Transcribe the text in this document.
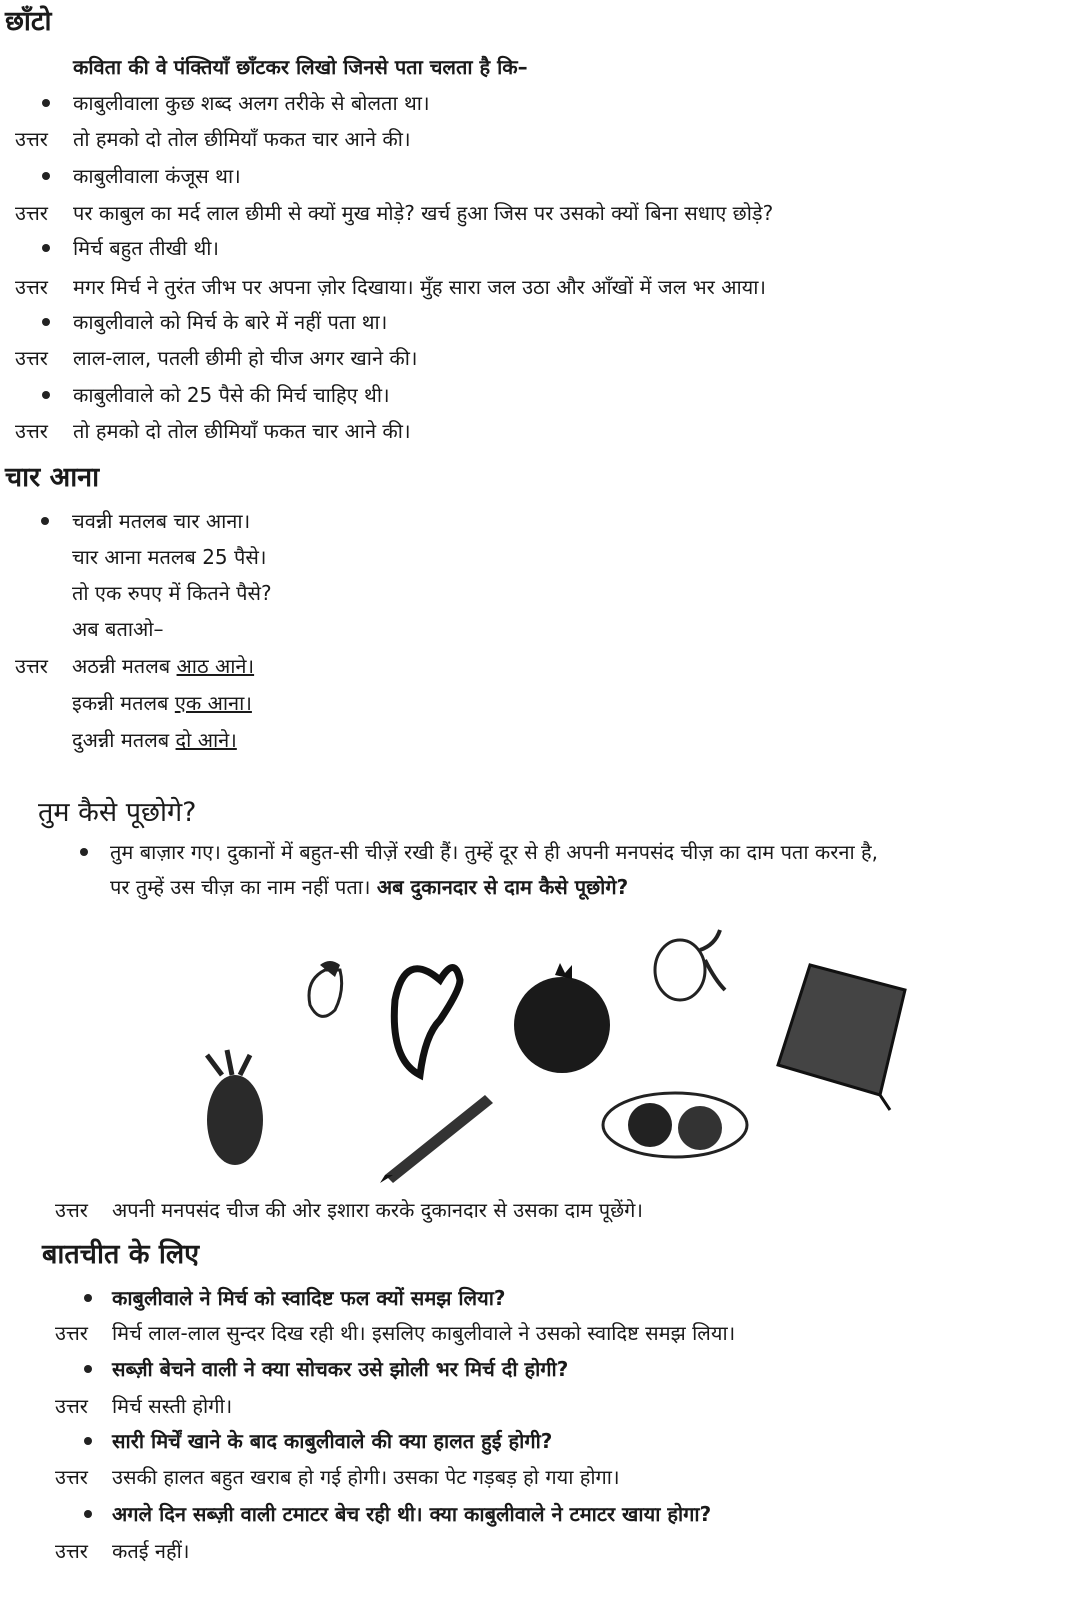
छाँटो
कविता की वे पंक्तियाँ छाँटकर लिखो जिनसे पता चलता है कि–
काबुलीवाला कुछ शब्द अलग तरीके से बोलता था।
उत्तर तो हमको दो तोल छीमियाँ फकत चार आने की।
काबुलीवाला कंजूस था।
उत्तर पर काबुल का मर्द लाल छीमी से क्यों मुख मोड़े? खर्च हुआ जिस पर उसको क्यों बिना सधाए छोड़े?
मिर्च बहुत तीखी थी।
उत्तर मगर मिर्च ने तुरंत जीभ पर अपना ज़ोर दिखाया। मुँह सारा जल उठा और आँखों में जल भर आया।
काबुलीवाले को मिर्च के बारे में नहीं पता था।
उत्तर लाल-लाल, पतली छीमी हो चीज अगर खाने की।
काबुलीवाले को 25 पैसे की मिर्च चाहिए थी।
उत्तर तो हमको दो तोल छीमियाँ फकत चार आने की।
चार आना
चवन्नी मतलब चार आना।
चार आना मतलब 25 पैसे।
तो एक रुपए में कितने पैसे?
अब बताओ–
उत्तर अठन्नी मतलब आठ आने।
इकन्नी मतलब एक आना।
दुअन्नी मतलब दो आने।
तुम कैसे पूछोगे?
तुम बाज़ार गए। दुकानों में बहुत-सी चीज़ें रखी हैं। तुम्हें दूर से ही अपनी मनपसंद चीज़ का दाम पता करना है,
पर तुम्हें उस चीज़ का नाम नहीं पता। अब दुकानदार से दाम कैसे पूछोगे?
उत्तर अपनी मनपसंद चीज की ओर इशारा करके दुकानदार से उसका दाम पूछेंगे।
बातचीत के लिए
काबुलीवाले ने मिर्च को स्वादिष्ट फल क्यों समझ लिया?
उत्तर मिर्च लाल-लाल सुन्दर दिख रही थी। इसलिए काबुलीवाले ने उसको स्वादिष्ट समझ लिया।
सब्ज़ी बेचने वाली ने क्या सोचकर उसे झोली भर मिर्च दी होगी?
उत्तर मिर्च सस्ती होगी।
सारी मिर्चें खाने के बाद काबुलीवाले की क्या हालत हुई होगी?
उत्तर उसकी हालत बहुत खराब हो गई होगी। उसका पेट गड़बड़ हो गया होगा।
अगले दिन सब्ज़ी वाली टमाटर बेच रही थी। क्या काबुलीवाले ने टमाटर खाया होगा?
उत्तर कतई नहीं।
